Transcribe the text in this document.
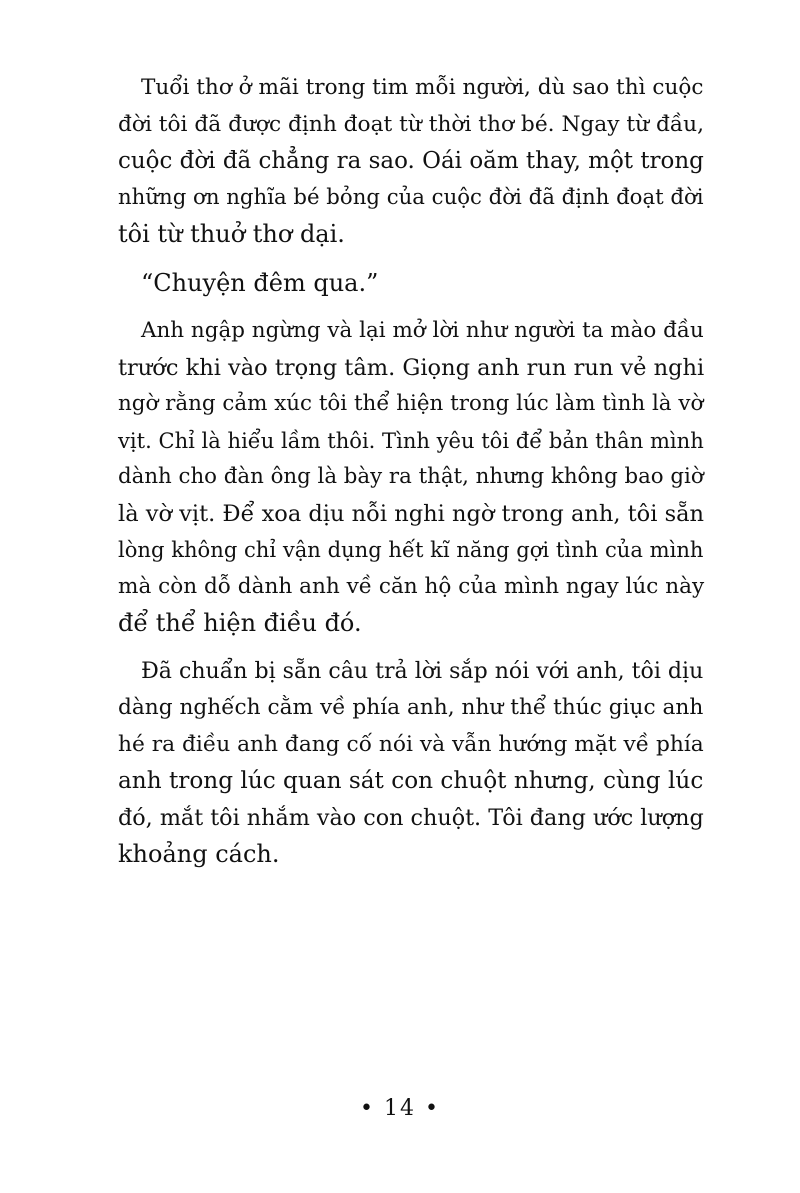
Tuổi thơ ở mãi trong tim mỗi người, dù sao thì cuộc
đời tôi đã được định đoạt từ thời thơ bé. Ngay từ đầu,
cuộc đời đã chẳng ra sao. Oái oăm thay, một trong
những ơn nghĩa bé bỏng của cuộc đời đã định đoạt đời
tôi từ thuở thơ dại.

“Chuyện đêm qua.”

Anh ngập ngừng và lại mở lời như người ta mào đầu
trước khi vào trọng tâm. Giọng anh run run vẻ nghi
ngờ rằng cảm xúc tôi thể hiện trong lúc làm tình là vờ
vịt. Chỉ là hiểu lầm thôi. Tình yêu tôi để bản thân mình
dành cho đàn ông là bày ra thật, nhưng không bao giờ
là vờ vịt. Để xoa dịu nỗi nghi ngờ trong anh, tôi sẵn
lòng không chỉ vận dụng hết kĩ năng gợi tình của mình
mà còn dỗ dành anh về căn hộ của mình ngay lúc này
để thể hiện điều đó.

Đã chuẩn bị sẵn câu trả lời sắp nói với anh, tôi dịu
dàng nghếch cằm về phía anh, như thể thúc giục anh
hé ra điều anh đang cố nói và vẫn hướng mặt về phía
anh trong lúc quan sát con chuột nhưng, cùng lúc
đó, mắt tôi nhắm vào con chuột. Tôi đang ước lượng
khoảng cách.

• 14 •
